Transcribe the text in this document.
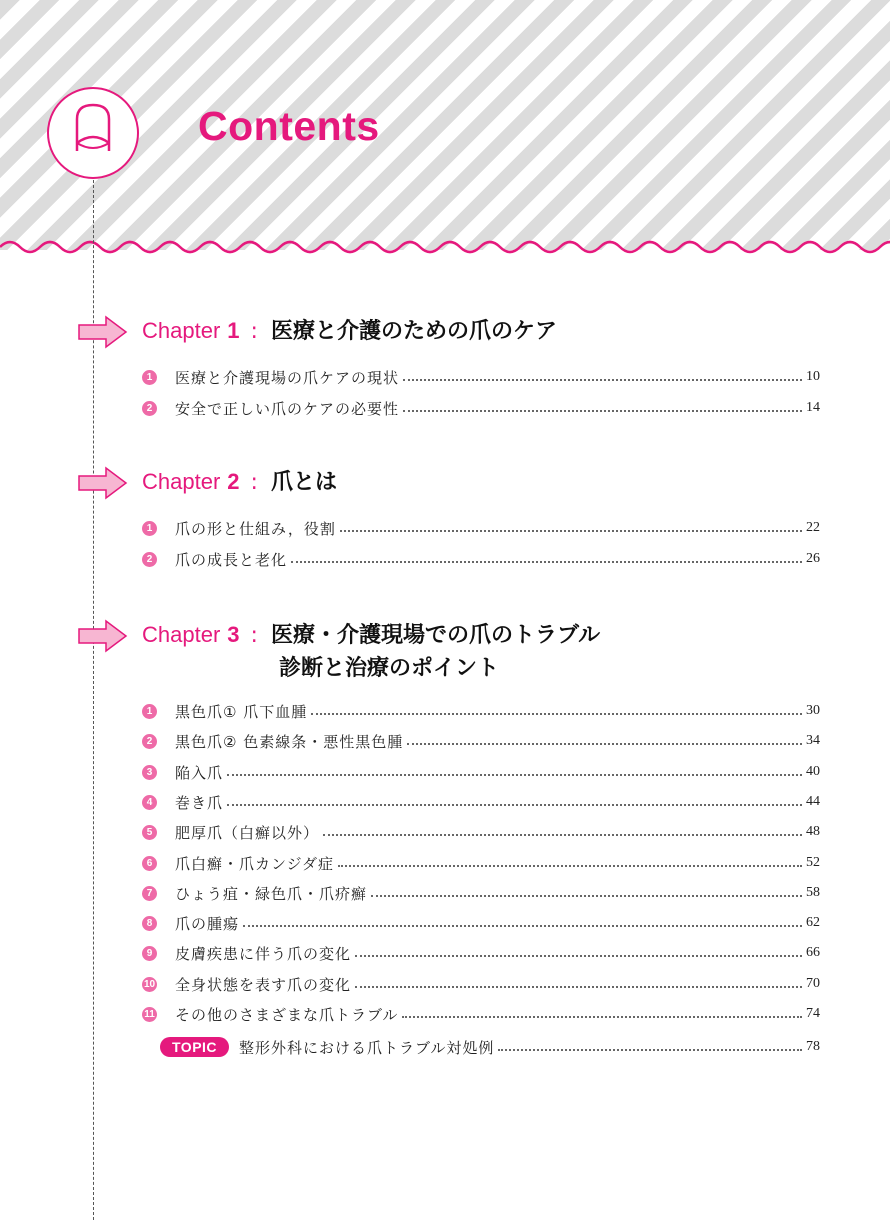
Contents
Chapter 1 : 医療と介護のための爪のケア
1	医療と介護現場の爪ケアの現状	10
2	安全で正しい爪のケアの必要性	14
Chapter 2 : 爪とは
1	爪の形と仕組み，役割	22
2	爪の成長と老化	26
Chapter 3 : 医療・介護現場での爪のトラブル
診断と治療のポイント
1	黒色爪① 爪下血腫	30
2	黒色爪② 色素線条・悪性黒色腫	34
3	陥入爪	40
4	巻き爪	44
5	肥厚爪（白癬以外）	48
6	爪白癬・爪カンジダ症	52
7	ひょう疽・緑色爪・爪疥癬	58
8	爪の腫瘍	62
9	皮膚疾患に伴う爪の変化	66
10 全身状態を表す爪の変化	70
11 その他のさまざまな爪トラブル	74
TOPIC	整形外科における爪トラブル対処例	78
